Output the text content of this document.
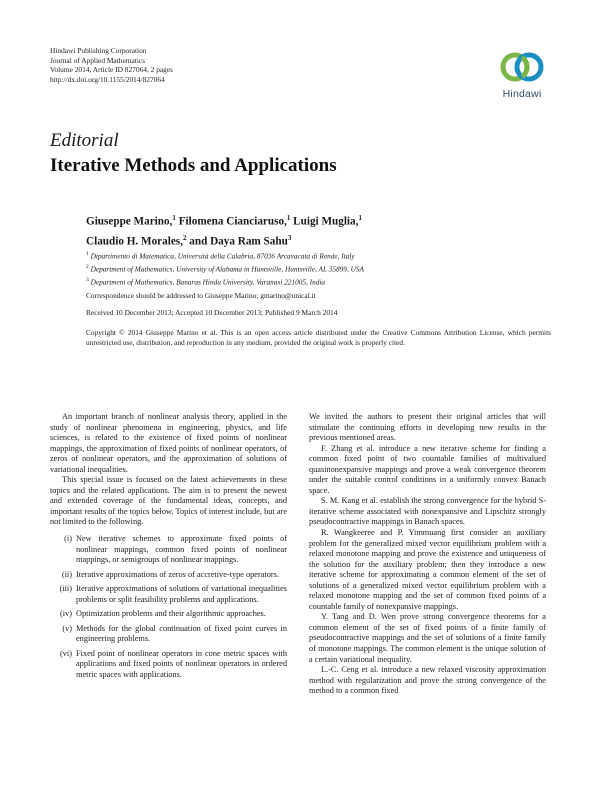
Hindawi Publishing Corporation
Journal of Applied Mathematics
Volume 2014, Article ID 827064, 2 pages
http://dx.doi.org/10.1155/2014/827064
Hindawi
Editorial
Iterative Methods and Applications
Giuseppe Marino,$^1$ Filomena Cianciaruso,$^1$ Luigi Muglia,$^1$
Claudio H. Morales,$^2$ and Daya Ram Sahu$^3$
$^1$ Dipartimento di Matematica, Università della Calabria, 87036 Arcavacata di Rende, Italy
$^2$ Department of Mathematics, University of Alabama in Huntsville, Huntsville, AL 35899, USA
$^3$ Department of Mathematics, Banaras Hindu University, Varanasi 221005, India
Correspondence should be addressed to Giuseppe Marino; gmarino@unical.it
Received 10 December 2013; Accepted 10 December 2013; Published 9 March 2014
Copyright © 2014 Giuseppe Marino et al. This is an open access article distributed under the Creative Commons Attribution License, which permits unrestricted use, distribution, and reproduction in any medium, provided the original work is properly cited.

An important branch of nonlinear analysis theory, applied in the study of nonlinear phenomena in engineering, physics, and life sciences, is related to the existence of fixed points of nonlinear mappings, the approximation of fixed points of nonlinear operators, of zeros of nonlinear operators, and the approximation of solutions of variational inequalities.

This special issue is focused on the latest achievements in these topics and the related applications. The aim is to present the newest and extended coverage of the fundamental ideas, concepts, and important results of the topics below. Topics of interest include, but are not limited to the following.

(i) New iterative schemes to approximate fixed points of nonlinear mappings, common fixed points of nonlinear mappings, or semigroups of nonlinear mappings.
(ii) Iterative approximations of zeros of accretive-type operators.
(iii) Iterative approximations of solutions of variational inequalities problems or split feasibility problems and applications.
(iv) Optimization problems and their algorithmic approaches.
(v) Methods for the global continuation of fixed point curves in engineering problems.
(vi) Fixed point of nonlinear operators in cone metric spaces with applications and fixed points of nonlinear operators in ordered metric spaces with applications.

We invited the authors to present their original articles that will stimulate the continuing efforts in developing new results in the previous mentioned areas.

F. Zhang et al. introduce a new iterative scheme for finding a common fixed point of two countable families of multivalued quasinonexpansive mappings and prove a weak convergence theorem under the suitable control conditions in a uniformly convex Banach space.

S. M. Kang et al. establish the strong convergence for the hybrid S-iterative scheme associated with nonexpansive and Lipschitz strongly pseudocontractive mappings in Banach spaces.

R. Wangkeeree and P. Yimmuang first consider an auxiliary problem for the generalized mixed vector equilibrium problem with a relaxed monotone mapping and prove the existence and uniqueness of the solution for the auxiliary problem; then they introduce a new iterative scheme for approximating a common element of the set of solutions of a generalized mixed vector equilibrium problem with a relaxed monotone mapping and the set of common fixed points of a countable family of nonexpansive mappings.

Y. Tang and D. Wen prove strong convergence theorems for a common element of the set of fixed points of a finite family of pseudocontractive mappings and the set of solutions of a finite family of monotone mappings. The common element is the unique solution of a certain variational inequality.

L.-C. Ceng et al. introduce a new relaxed viscosity approximation method with regularization and prove the strong convergence of the method to a common fixed
